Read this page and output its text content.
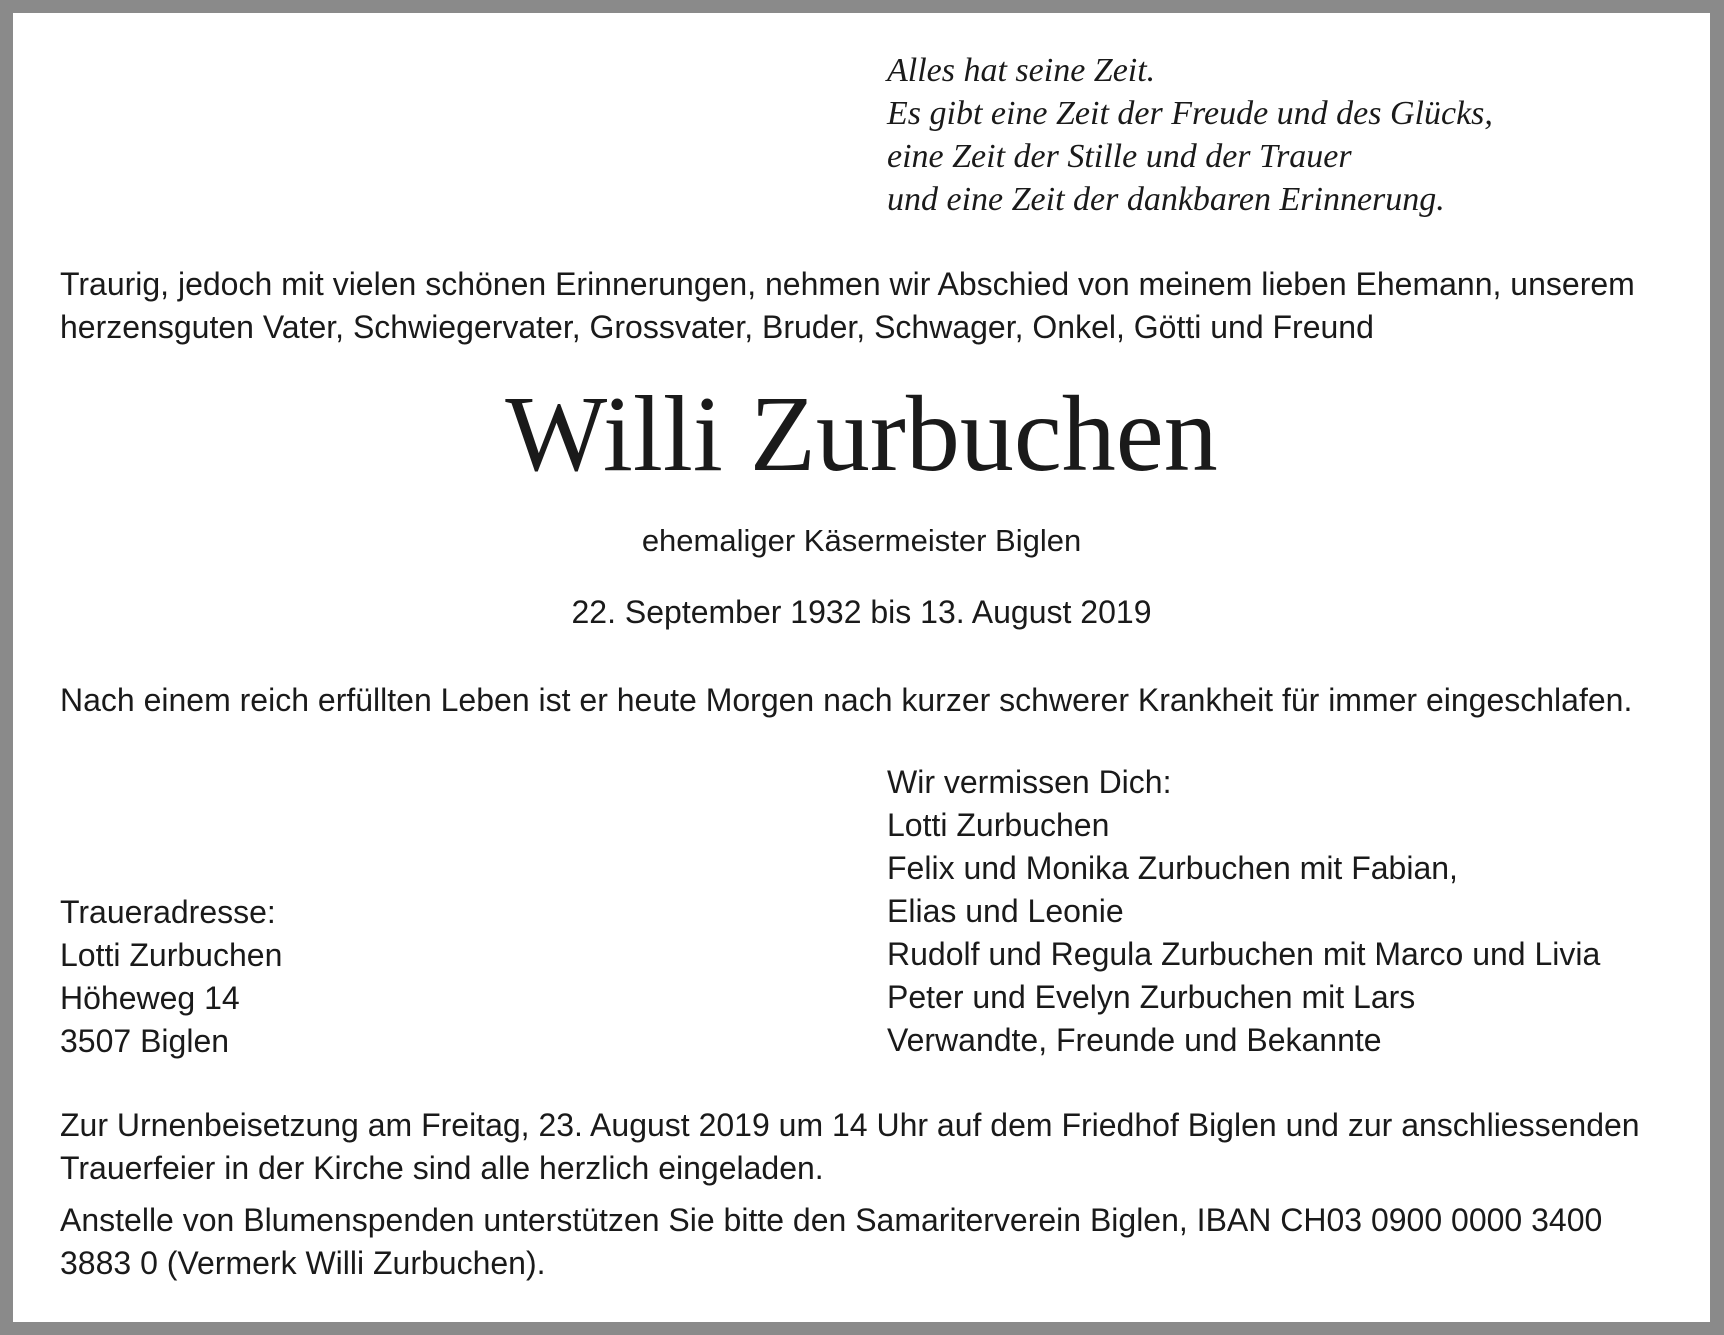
Alles hat seine Zeit.
Es gibt eine Zeit der Freude und des Glücks,
eine Zeit der Stille und der Trauer
und eine Zeit der dankbaren Erinnerung.
Traurig, jedoch mit vielen schönen Erinnerungen, nehmen wir Abschied von meinem lieben Ehemann, unserem
herzensguten Vater, Schwiegervater, Grossvater, Bruder, Schwager, Onkel, Götti und Freund
Willi Zurbuchen
ehemaliger Käsermeister Biglen
22. September 1932 bis 13. August 2019
Nach einem reich erfüllten Leben ist er heute Morgen nach kurzer schwerer Krankheit für immer eingeschlafen.
Traueradresse:
Lotti Zurbuchen
Höheweg 14
3507 Biglen
Wir vermissen Dich:
Lotti Zurbuchen
Felix und Monika Zurbuchen mit Fabian,
Elias und Leonie
Rudolf und Regula Zurbuchen mit Marco und Livia
Peter und Evelyn Zurbuchen mit Lars
Verwandte, Freunde und Bekannte
Zur Urnenbeisetzung am Freitag, 23. August 2019 um 14 Uhr auf dem Friedhof Biglen und zur anschliessenden
Trauerfeier in der Kirche sind alle herzlich eingeladen.
Anstelle von Blumenspenden unterstützen Sie bitte den Samariterverein Biglen, IBAN CH03 0900 0000 3400
3883 0 (Vermerk Willi Zurbuchen).
